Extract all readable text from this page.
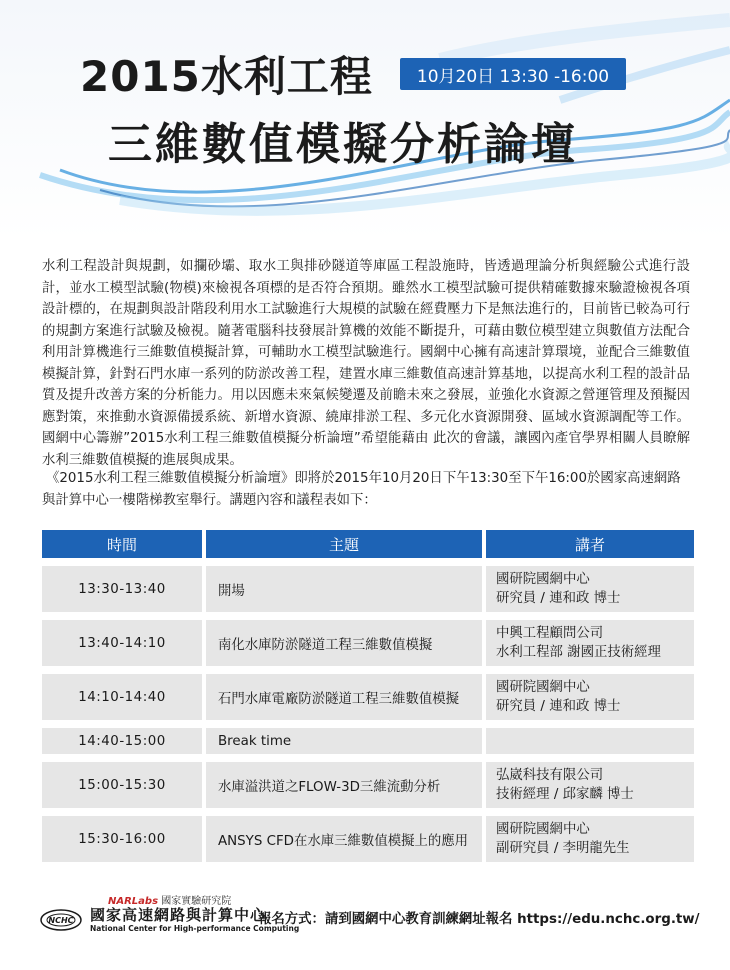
2015水利工程	10月20日 13:30 -16:00
三維數值模擬分析論壇

水利工程設計與規劃，如攔砂壩、取水工與排砂隧道等庫區工程設施時，皆透過理論分析與經驗公式進行設計，並水工模型試驗(物模)來檢視各項標的是否符合預期。雖然水工模型試驗可提供精確數據來驗證檢視各項設計標的，在規劃與設計階段利用水工試驗進行大規模的試驗在經費壓力下是無法進行的，目前皆已較為可行的規劃方案進行試驗及檢視。隨著電腦科技發展計算機的效能不斷提升，可藉由數位模型建立與數值方法配合利用計算機進行三維數值模擬計算，可輔助水工模型試驗進行。國網中心擁有高速計算環境，並配合三維數值模擬計算，針對石門水庫一系列的防淤改善工程，建置水庫三維數值高速計算基地，以提高水利工程的設計品質及提升改善方案的分析能力。用以因應未來氣候變遷及前瞻未來之發展，並強化水資源之營運管理及預擬因應對策，來推動水資源備援系統、新增水資源、繞庫排淤工程、多元化水資源開發、區域水資源調配等工作。國網中心籌辦”2015水利工程三維數值模擬分析論壇”希望能藉由 此次的會議，讓國內產官學界相關人員瞭解水利三維數值模擬的進展與成果。

《2015水利工程三維數值模擬分析論壇》即將於2015年10月20日下午13:30至下午16:00於國家高速網路與計算中心一樓階梯教室舉行。講題內容和議程表如下：

時間	主題	講者
13:30-13:40	開場
國研院國網中心
研究員 / 連和政 博士
13:40-14:10	南化水庫防淤隧道工程三維數值模擬
中興工程顧問公司
水利工程部 謝國正技術經理
14:10-14:40	石門水庫電廠防淤隧道工程三維數值模擬
國研院國網中心
研究員 / 連和政 博士
14:40-15:00	Break time
15:00-15:30	水庫溢洪道之FLOW-3D三維流動分析
弘崴科技有限公司
技術經理 / 邱家麟 博士
15:30-16:00	ANSYS CFD在水庫三維數值模擬上的應用
國研院國網中心
副研究員 / 李明龍先生
NCHC
NARLabs 國家實驗研究院
國家高速網路與計算中心
National Center for High-performance Computing
報名方式：請到國網中心教育訓練網址報名 https://edu.nchc.org.tw/
